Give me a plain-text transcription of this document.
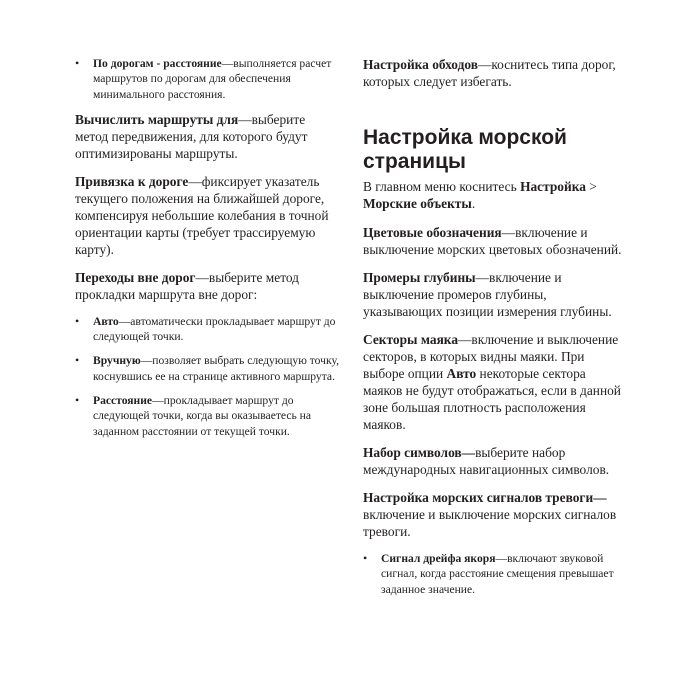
• По дорогам - расстояние—выполняется расчет маршрутов по дорогам для обеспечения минимального расстояния.

Вычислить маршруты для—выберите метод передвижения, для которого будут оптимизированы маршруты.

Привязка к дороге—фиксирует указатель текущего положения на ближайшей дороге, компенсируя небольшие колебания в точной ориентации карты (требует трассируемую карту).

Переходы вне дорог—выберите метод прокладки маршрута вне дорог:

• Авто—автоматически прокладывает маршрут до следующей точки.
• Вручную—позволяет выбрать следующую точку, коснувшись ее на странице активного маршрута.
• Расстояние—прокладывает маршрут до следующей точки, когда вы оказываетесь на заданном расстоянии от текущей точки.

Настройка обходов—коснитесь типа дорог, которых следует избегать.

Настройка морской страницы

В главном меню коснитесь Настройка > Морские объекты.

Цветовые обозначения—включение и выключение морских цветовых обозначений.

Промеры глубины—включение и выключение промеров глубины, указывающих позиции измерения глубины.

Секторы маяка—включение и выключение секторов, в которых видны маяки. При выборе опции Авто некоторые сектора маяков не будут отображаться, если в данной зоне большая плотность расположения маяков.

Набор символов—выберите набор международных навигационных символов.

Настройка морских сигналов тревоги—включение и выключение морских сигналов тревоги.

• Сигнал дрейфа якоря—включают звуковой сигнал, когда расстояние смещения превышает заданное значение.
